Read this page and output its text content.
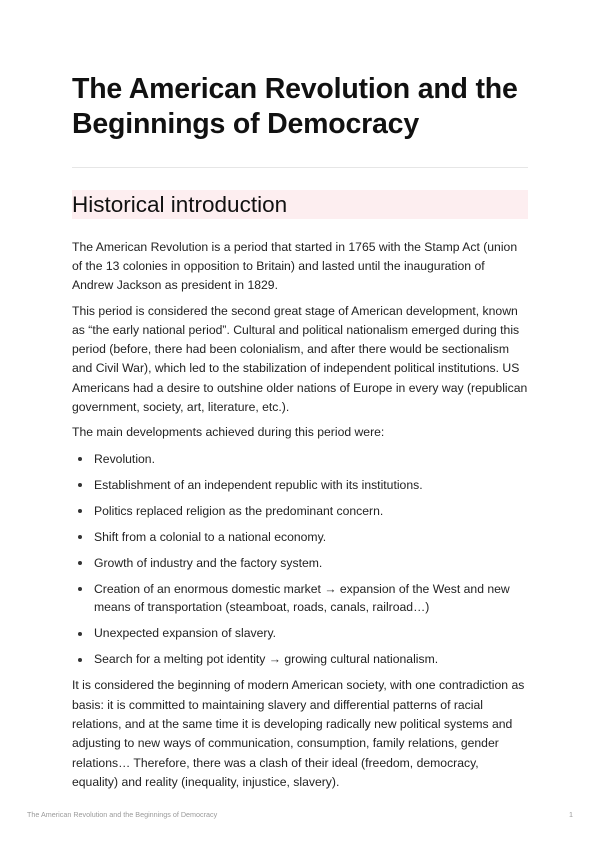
The American Revolution and the Beginnings of Democracy
Historical introduction

The American Revolution is a period that started in 1765 with the Stamp Act (union of the 13 colonies in opposition to Britain) and lasted until the inauguration of Andrew Jackson as president in 1829.

This period is considered the second great stage of American development, known as “the early national period”. Cultural and political nationalism emerged during this period (before, there had been colonialism, and after there would be sectionalism and Civil War), which led to the stabilization of independent political institutions. US Americans had a desire to outshine older nations of Europe in every way (republican government, society, art, literature, etc.).

The main developments achieved during this period were:

Revolution.
Establishment of an independent republic with its institutions.
Politics replaced religion as the predominant concern.
Shift from a colonial to a national economy.
Growth of industry and the factory system.
Creation of an enormous domestic market → expansion of the West and new means of transportation (steamboat, roads, canals, railroad…)
Unexpected expansion of slavery.
Search for a melting pot identity → growing cultural nationalism.

It is considered the beginning of modern American society, with one contradiction as basis: it is committed to maintaining slavery and differential patterns of racial relations, and at the same time it is developing radically new political systems and adjusting to new ways of communication, consumption, family relations, gender relations… Therefore, there was a clash of their ideal (freedom, democracy, equality) and reality (inequality, injustice, slavery).

The American Revolution and the Beginnings of Democracy	1
